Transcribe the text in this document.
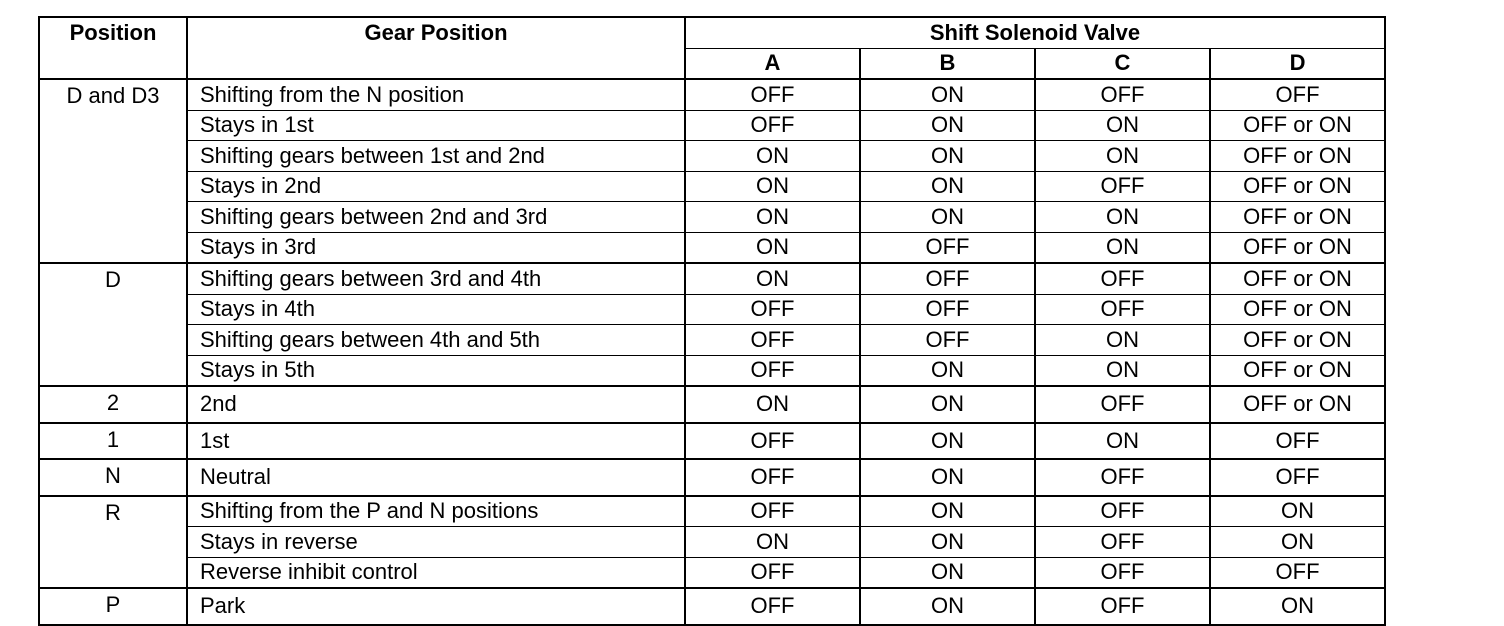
Position	Gear Position	Shift Solenoid Valve			
		A	B	C	D
D and D3	Shifting from the N position	OFF	ON	OFF	OFF
	Stays in 1st	OFF	ON	ON	OFF or ON
	Shifting gears between 1st and 2nd	ON	ON	ON	OFF or ON
	Stays in 2nd	ON	ON	OFF	OFF or ON
	Shifting gears between 2nd and 3rd	ON	ON	ON	OFF or ON
	Stays in 3rd	ON	OFF	ON	OFF or ON
D	Shifting gears between 3rd and 4th	ON	OFF	OFF	OFF or ON
	Stays in 4th	OFF	OFF	OFF	OFF or ON
	Shifting gears between 4th and 5th	OFF	OFF	ON	OFF or ON
	Stays in 5th	OFF	ON	ON	OFF or ON
2	2nd	ON	ON	OFF	OFF or ON
1	1st	OFF	ON	ON	OFF
N	Neutral	OFF	ON	OFF	OFF
R	Shifting from the P and N positions	OFF	ON	OFF	ON
	Stays in reverse	ON	ON	OFF	ON
	Reverse inhibit control	OFF	ON	OFF	OFF
P	Park	OFF	ON	OFF	ON
